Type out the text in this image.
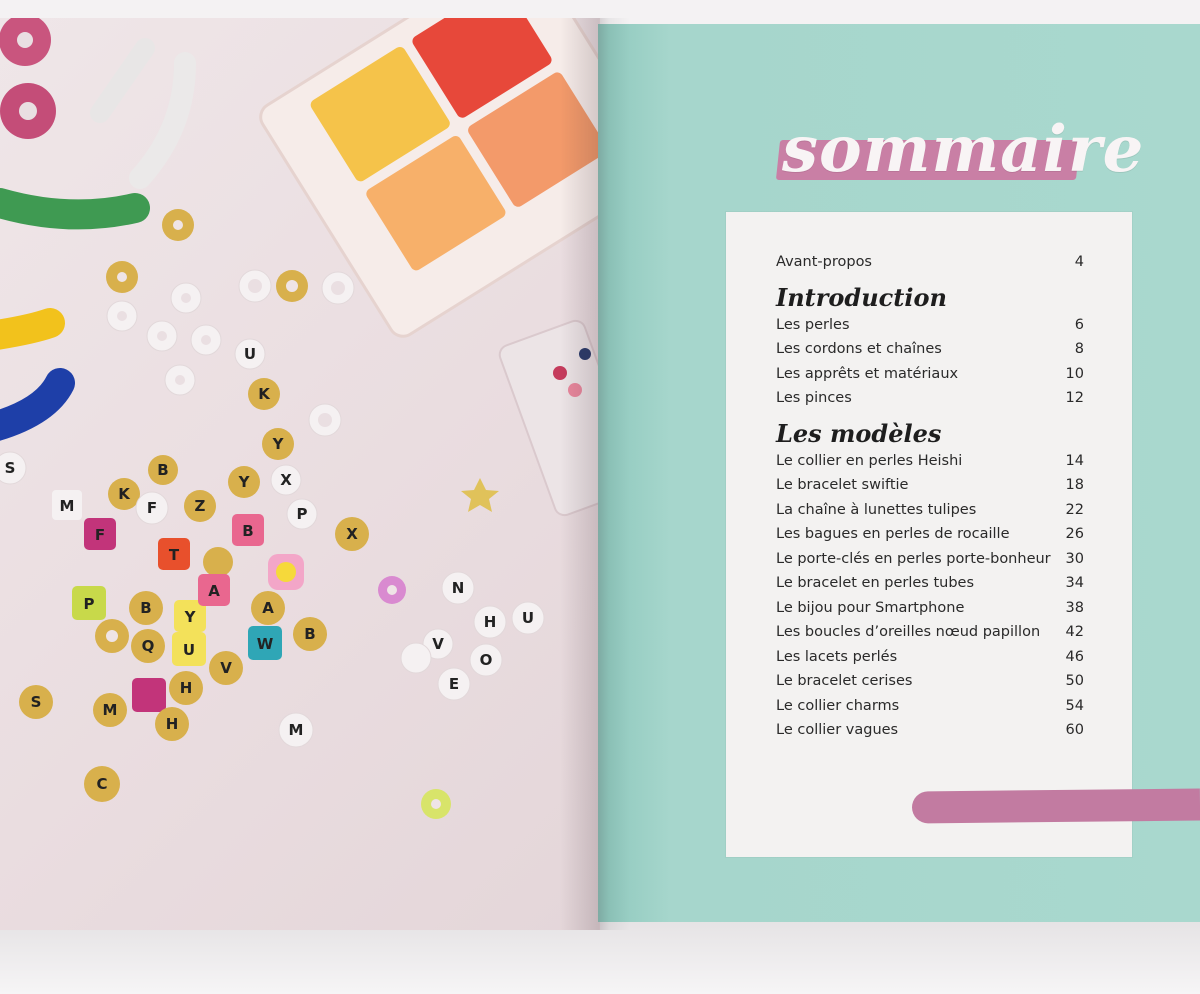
U
K
Y
X
P
M
K
F Z
Y
B
B
F
T
P	B Y
A
A
U	W
Q
V
H
B
S	M
H
C
M
N
U
H
O
E
V
S
X
sommaire
Avant-propos	4
Introduction
Les perles	6
Les cordons et chaînes	8
Les apprêts et matériaux	10
Les pinces	12
Les modèles
Le collier en perles Heishi	14
Le bracelet swiftie	18
La chaîne à lunettes tulipes	22
Les bagues en perles de rocaille	26
Le porte-clés en perles porte-bonheur 30
Le bracelet en perles tubes	34
Le bijou pour Smartphone	38
Les boucles d’oreilles nœud papillon 42
Les lacets perlés	46
Le bracelet cerises	50
Le collier charms	54
Le collier vagues	60
